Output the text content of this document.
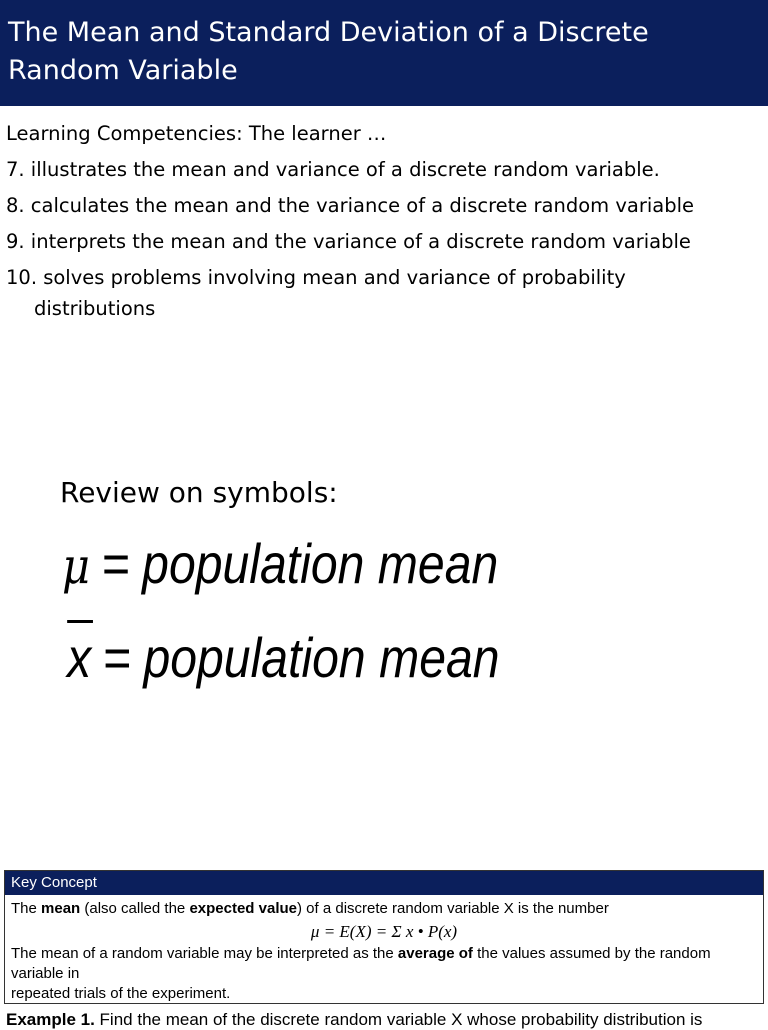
The Mean and Standard Deviation of a Discrete
Random Variable
Learning Competencies: The learner …
7. illustrates the mean and variance of a discrete random variable.
8. calculates the mean and the variance of a discrete random variable
9. interprets the mean and the variance of a discrete random variable
10. solves problems involving mean and variance of probability
distributions
Review on symbols:
μ = population mean
x = population mean
Key Concept
The mean (also called the expected value) of a discrete random variable X is the number
μ = E(X) = Σ x • P(x)
The mean of a random variable may be interpreted as the average of the values assumed by the random variable in
repeated trials of the experiment.
Example 1. Find the mean of the discrete random variable X whose probability distribution is
